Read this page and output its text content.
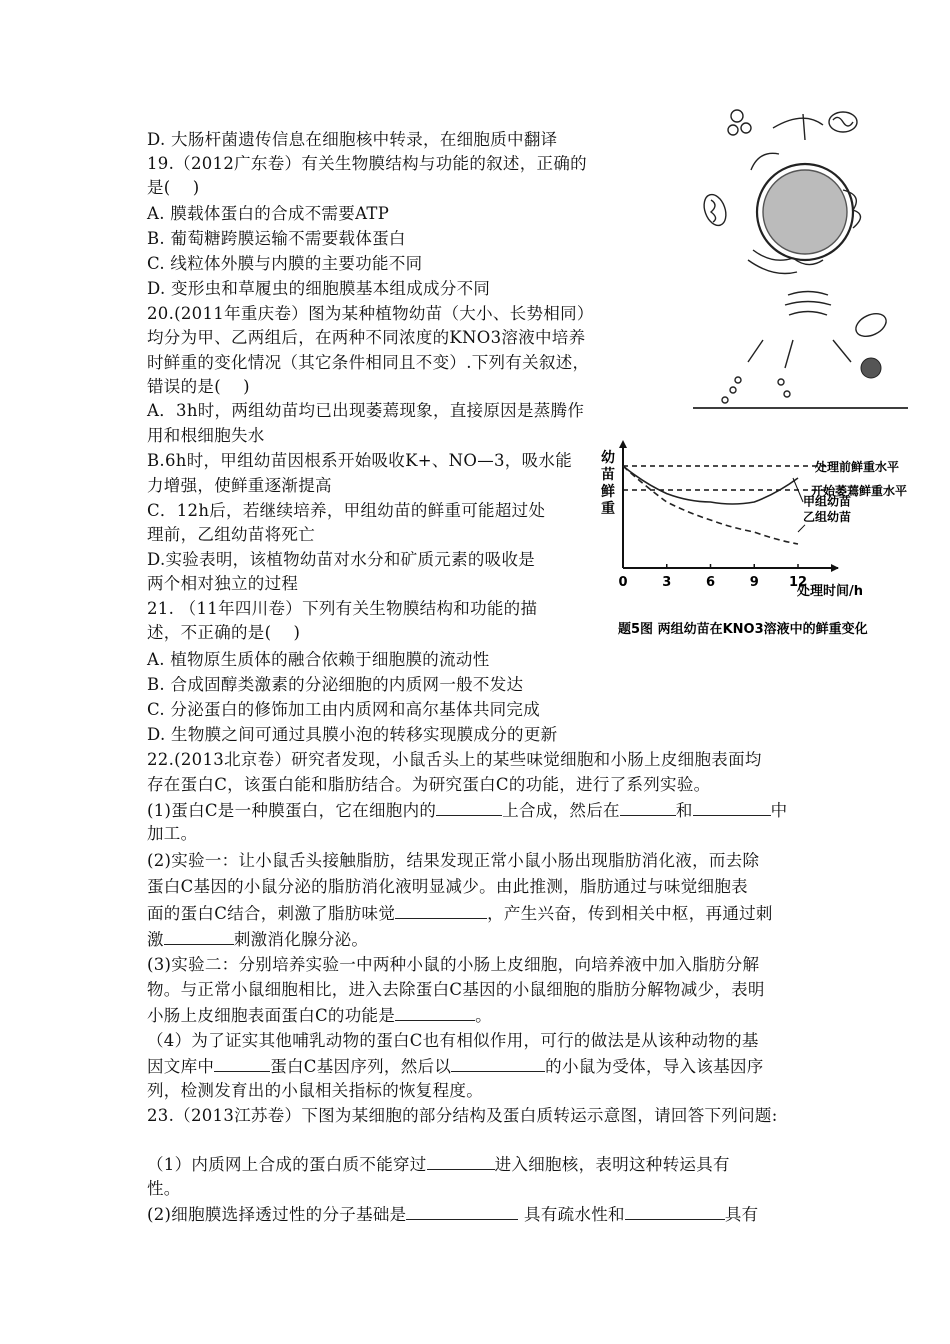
D. 大肠杆菌遗传信息在细胞核中转录，在细胞质中翻译
19.（2012广东卷）有关生物膜结构与功能的叙述，正确的
是(    )
A. 膜载体蛋白的合成不需要ATP
B. 葡萄糖跨膜运输不需要载体蛋白
C. 线粒体外膜与内膜的主要功能不同
D. 变形虫和草履虫的细胞膜基本组成成分不同
20.(2011年重庆卷）图为某种植物幼苗（大小、长势相同）
均分为甲、乙两组后，在两种不同浓度的KNO3溶液中培养
时鲜重的变化情况（其它条件相同且不变）.下列有关叙述，
错误的是(    )
A．3h时，两组幼苗均已出现萎蔫现象，直接原因是蒸腾作
用和根细胞失水
B.6h时，甲组幼苗因根系开始吸收K+、NO—3，吸水能
力增强，使鲜重逐渐提高
C．12h后，若继续培养，甲组幼苗的鲜重可能超过处
理前，乙组幼苗将死亡
D.实验表明，该植物幼苗对水分和矿质元素的吸收是
两个相对独立的过程
21. （11年四川卷）下列有关生物膜结构和功能的描
述，不正确的是(    )
A. 植物原生质体的融合依赖于细胞膜的流动性
B. 合成固醇类激素的分泌细胞的内质网一般不发达
C. 分泌蛋白的修饰加工由内质网和高尔基体共同完成
D. 生物膜之间可通过具膜小泡的转移实现膜成分的更新
22.(2013北京卷）研究者发现，小鼠舌头上的某些味觉细胞和小肠上皮细胞表面均
存在蛋白C，该蛋白能和脂肪结合。为研究蛋白C的功能，进行了系列实验。
(1)蛋白C是一种膜蛋白，它在细胞内的	上合成，然后在	和	中
加工。
(2)实验一：让小鼠舌头接触脂肪，结果发现正常小鼠小肠出现脂肪消化液，而去除
蛋白C基因的小鼠分泌的脂肪消化液明显减少。由此推测，脂肪通过与味觉细胞表
面的蛋白C结合，刺激了脂肪味觉	，产生兴奋，传到相关中枢，再通过刺
激	刺激消化腺分泌。
(3)实验二：分别培养实验一中两种小鼠的小肠上皮细胞，向培养液中加入脂肪分解
物。与正常小鼠细胞相比，进入去除蛋白C基因的小鼠细胞的脂肪分解物减少，表明
小肠上皮细胞表面蛋白C的功能是	。
（4）为了证实其他哺乳动物的蛋白C也有相似作用，可行的做法是从该种动物的基
因文库中	蛋白C基因序列，然后以	的小鼠为受体，导入该基因序
列，检测发育出的小鼠相关指标的恢复程度。
23.（2013江苏卷）下图为某细胞的部分结构及蛋白质转运示意图，请回答下列问题:
（1）内质网上合成的蛋白质不能穿过	进入细胞核，表明这种转运具有
性。
(2)细胞膜选择透过性的分子基础是	具有疏水性和	具有
幼
苗
鲜
重
0	3	6	9 12
处理时间/h
处理前鲜重水平
开始萎蔫鲜重水平
甲组幼苗
乙组幼苗
题5图 两组幼苗在KNO3溶液中的鲜重变化
